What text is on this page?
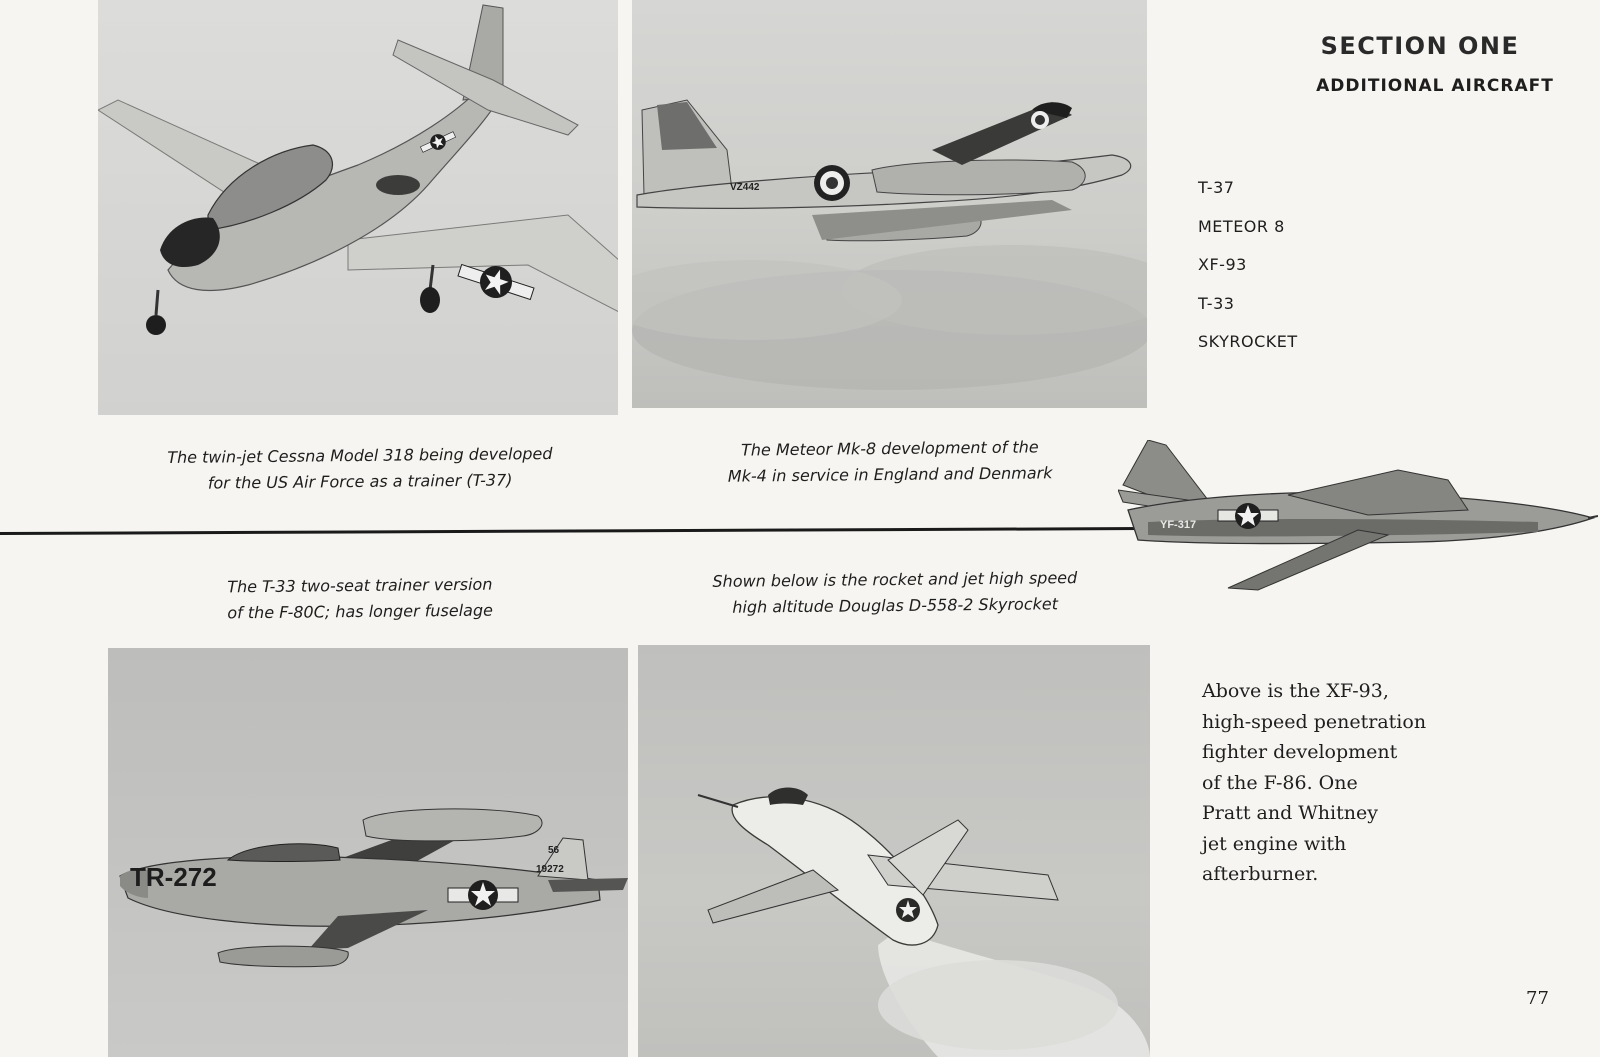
VZ442
The twin-jet Cessna Model 318 being developed
for the US Air Force as a trainer (T-37)
The Meteor Mk-8 development of the
Mk-4 in service in England and Denmark
YF-317
The T-33 two-seat trainer version
of the F-80C; has longer fuselage
Shown below is the rocket and jet high speed
high altitude Douglas D-558-2 Skyrocket
TR-272
56
19272
SECTION ONE
ADDITIONAL AIRCRAFT
T-37
METEOR 8
XF-93
T-33
SKYROCKET
Above is the XF-93,
high-speed penetration
fighter development
of the F-86. One
Pratt and Whitney
jet engine with
afterburner.
77
